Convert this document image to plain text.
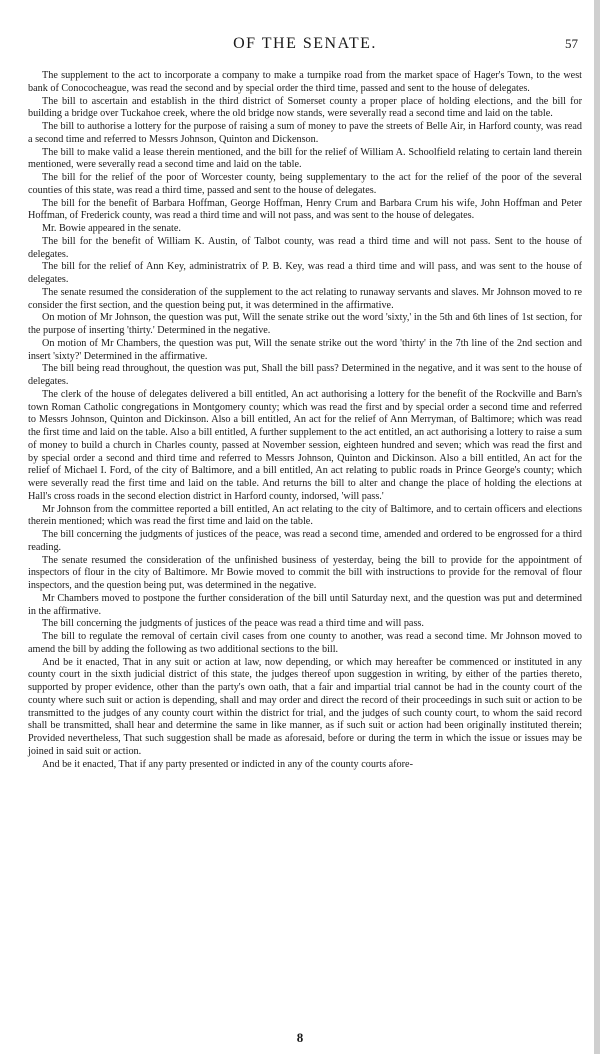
OF THE SENATE.	57

The supplement to the act to incorporate a company to make a turnpike road from the market space of Hager's Town, to the west bank of Conococheague, was read the second and by special order the third time, passed and sent to the house of delegates.

The bill to ascertain and establish in the third district of Somerset county a proper place of holding elections, and the bill for building a bridge over Tuckahoe creek, where the old bridge now stands, were severally read a second time and laid on the table.

The bill to authorise a lottery for the purpose of raising a sum of money to pave the streets of Belle Air, in Harford county, was read a second time and referred to Messrs Johnson, Quinton and Dickenson.

The bill to make valid a lease therein mentioned, and the bill for the relief of William A. Schoolfield relating to certain land therein mentioned, were severally read a second time and laid on the table.

The bill for the relief of the poor of Worcester county, being supplementary to the act for the relief of the poor of the several counties of this state, was read a third time, passed and sent to the house of delegates.

The bill for the benefit of Barbara Hoffman, George Hoffman, Henry Crum and Barbara Crum his wife, John Hoffman and Peter Hoffman, of Frederick county, was read a third time and will not pass, and was sent to the house of delegates.

Mr. Bowie appeared in the senate.

The bill for the benefit of William K. Austin, of Talbot county, was read a third time and will not pass. Sent to the house of delegates.

The bill for the relief of Ann Key, administratrix of P. B. Key, was read a third time and will pass, and was sent to the house of delegates.

The senate resumed the consideration of the supplement to the act relating to runaway servants and slaves. Mr Johnson moved to re consider the first section, and the question being put, it was determined in the affirmative.

On motion of Mr Johnson, the question was put, Will the senate strike out the word 'sixty,' in the 5th and 6th lines of 1st section, for the purpose of inserting 'thirty.' Determined in the negative.

On motion of Mr Chambers, the question was put, Will the senate strike out the word 'thirty' in the 7th line of the 2nd section and insert 'sixty?' Determined in the affirmative.

The bill being read throughout, the question was put, Shall the bill pass? Determined in the negative, and it was sent to the house of delegates.

The clerk of the house of delegates delivered a bill entitled, An act authorising a lottery for the benefit of the Rockville and Barn's town Roman Catholic congregations in Montgomery county; which was read the first and by special order a second time and referred to Messrs Johnson, Quinton and Dickinson. Also a bill entitled, An act for the relief of Ann Merryman, of Baltimore; which was read the first time and laid on the table. Also a bill entitled, A further supplement to the act entitled, an act authorising a lottery to raise a sum of money to build a church in Charles county, passed at November session, eighteen hundred and seven; which was read the first and by special order a second and third time and referred to Messrs Johnson, Quinton and Dickinson. Also a bill entitled, An act for the relief of Michael I. Ford, of the city of Baltimore, and a bill entitled, An act relating to public roads in Prince George's county; which were severally read the first time and laid on the table. And returns the bill to alter and change the place of holding the elections at Hall's cross roads in the second election district in Harford county, indorsed, 'will pass.'

Mr Johnson from the committee reported a bill entitled, An act relating to the city of Baltimore, and to certain officers and elections therein mentioned; which was read the first time and laid on the table.

The bill concerning the judgments of justices of the peace, was read a second time, amended and ordered to be engrossed for a third reading.

The senate resumed the consideration of the unfinished business of yesterday, being the bill to provide for the appointment of inspectors of flour in the city of Baltimore. Mr Bowie moved to commit the bill with instructions to provide for the removal of flour inspectors, and the question being put, was determined in the negative.

Mr Chambers moved to postpone the further consideration of the bill until Saturday next, and the question was put and determined in the affirmative.

The bill concerning the judgments of justices of the peace was read a third time and will pass.

The bill to regulate the removal of certain civil cases from one county to another, was read a second time. Mr Johnson moved to amend the bill by adding the following as two additional sections to the bill.

And be it enacted, That in any suit or action at law, now depending, or which may hereafter be commenced or instituted in any county court in the sixth judicial district of this state, the judges thereof upon suggestion in writing, by either of the parties thereto, supported by proper evidence, other than the party's own oath, that a fair and impartial trial cannot be had in the county court of the county where such suit or action is depending, shall and may order and direct the record of their proceedings in such suit or action to be transmitted to the judges of any county court within the district for trial, and the judges of such county court, to whom the said record shall be transmitted, shall hear and determine the same in like manner, as if such suit or action had been originally instituted therein; Provided nevertheless, That such suggestion shall be made as aforesaid, before or during the term in which the issue or issues may be joined in said suit or action.

And be it enacted, That if any party presented or indicted in any of the county courts afore-

8
